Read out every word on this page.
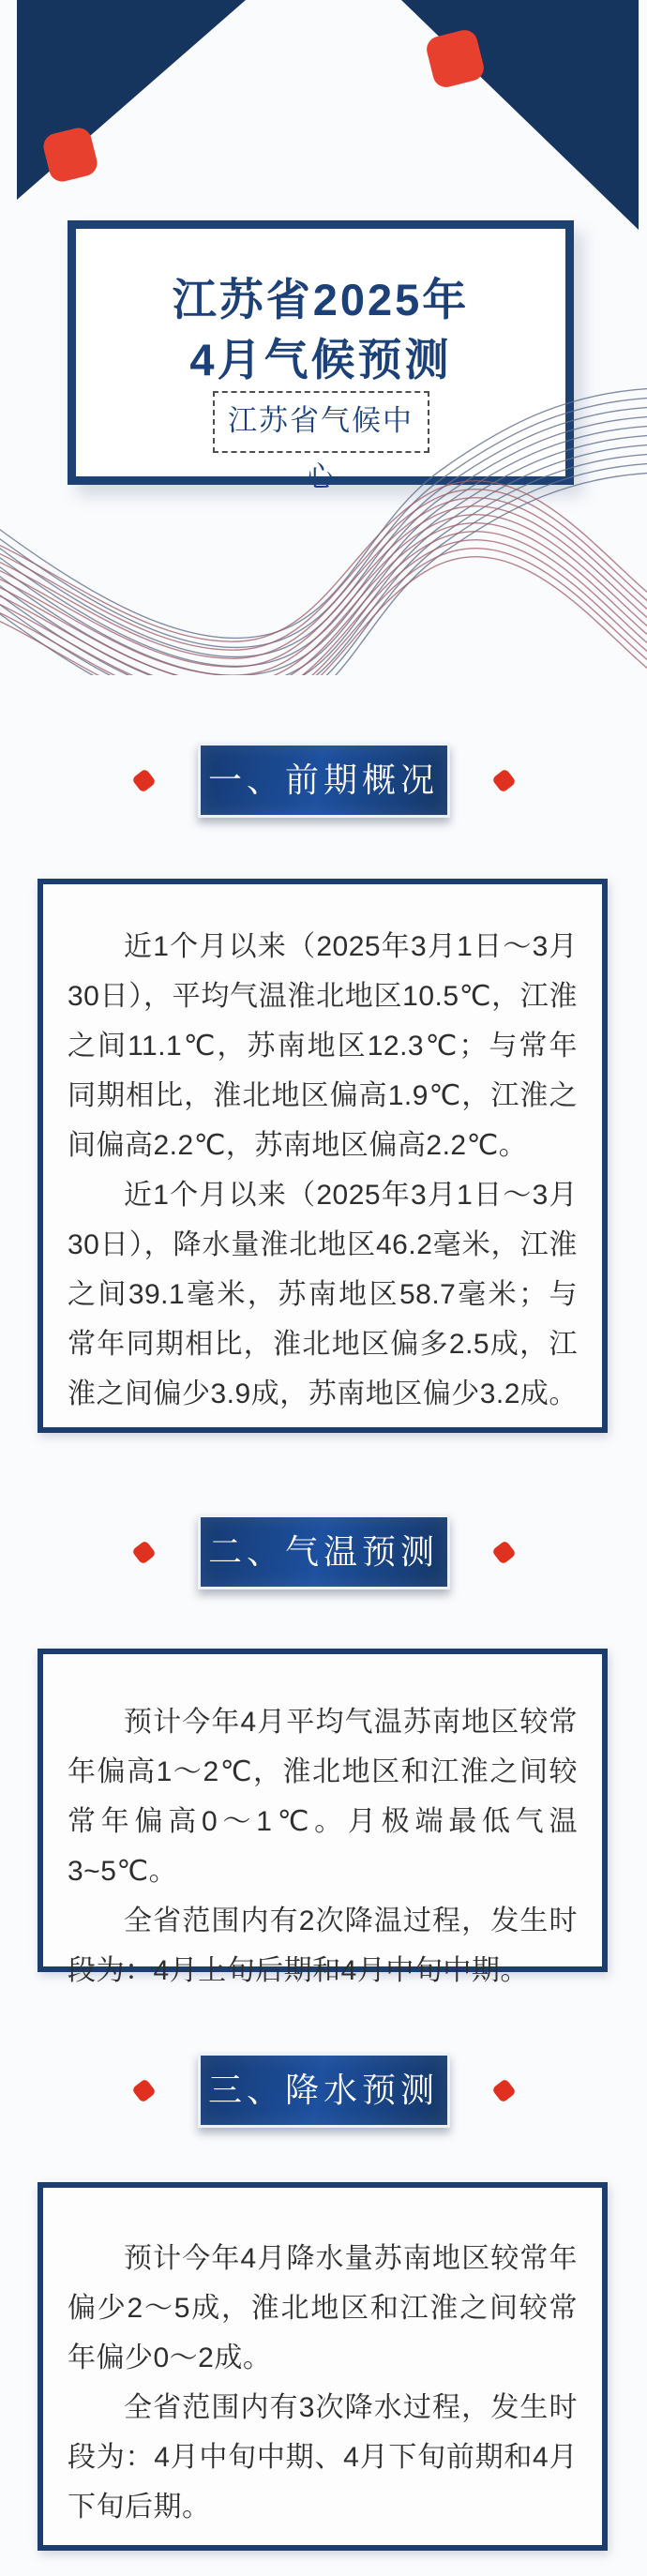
江苏省2025年
4月气候预测
江苏省气候中心
一、前期概况

近1个月以来（2025年3月1日～3月30日），平均气温淮北地区10.5℃，江淮之间11.1℃，苏南地区12.3℃；与常年同期相比，淮北地区偏高1.9℃，江淮之间偏高2.2℃，苏南地区偏高2.2℃。

近1个月以来（2025年3月1日～3月30日），降水量淮北地区46.2毫米，江淮之间39.1毫米，苏南地区58.7毫米；与常年同期相比，淮北地区偏多2.5成，江淮之间偏少3.9成，苏南地区偏少3.2成。

二、气温预测

预计今年4月平均气温苏南地区较常年偏高1～2℃，淮北地区和江淮之间较常年偏高0～1℃。月极端最低气温3~5℃。

全省范围内有2次降温过程，发生时段为：4月上旬后期和4月中旬中期。

三、降水预测

预计今年4月降水量苏南地区较常年偏少2～5成，淮北地区和江淮之间较常年偏少0～2成。

全省范围内有3次降水过程，发生时段为：4月中旬中期、4月下旬前期和4月下旬后期。
